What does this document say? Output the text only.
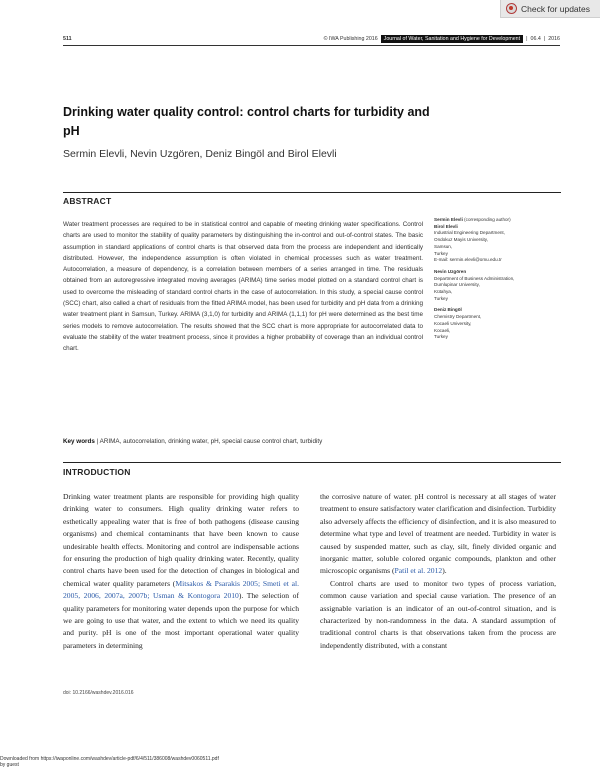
Check for updates
511	© IWA Publishing 2016	Journal of Water, Sanitation and Hygiene for Development	| 06.4 | 2016
Drinking water quality control: control charts for turbidity and pH
Sermin Elevli, Nevin Uzgören, Deniz Bingöl and Birol Elevli
ABSTRACT
Water treatment processes are required to be in statistical control and capable of meeting drinking water specifications. Control charts are used to monitor the stability of quality parameters by distinguishing the in-control and out-of-control states. The basic assumption in standard applications of control charts is that observed data from the process are independent and identically distributed. However, the independence assumption is often violated in chemical processes such as water treatment. Autocorrelation, a measure of dependency, is a correlation between members of a series arranged in time. The residuals obtained from an autoregressive integrated moving averages (ARIMA) time series model plotted on a standard control chart is used to overcome the misleading of standard control charts in the case of autocorrelation. In this study, a special cause control (SCC) chart, also called a chart of residuals from the fitted ARIMA model, has been used for turbidity and pH data from a drinking water treatment plant in Samsun, Turkey. ARIMA (3,1,0) for turbidity and ARIMA (1,1,1) for pH were determined as the best time series models to remove autocorrelation. The results showed that the SCC chart is more appropriate for autocorrelated data to evaluate the stability of the water treatment process, since it provides a higher probability of coverage than an individual control chart.
Key words | ARIMA, autocorrelation, drinking water, pH, special cause control chart, turbidity
Sermin Elevli (corresponding author)
Birol Elevli
Industrial Engineering Department,
Ondokuz Mayis University,
Samsun,
Turkey
E-mail: sermin.elevli@omu.edu.tr
Nevin Uzgören
Department of Business Administration,
Dumlupinar University,
Kütahya,
Turkey
Deniz Bingöl
Chemistry Department,
Kocaeli University,
Kocaeli,
Turkey
INTRODUCTION

Drinking water treatment plants are responsible for providing high quality drinking water to consumers. High quality drinking water refers to esthetically appealing water that is free of both pathogens (disease causing organisms) and chemical contaminants that have been known to cause undesirable health effects. Monitoring and control are indispensable actions for ensuring the production of high quality drinking water. Recently, quality control charts have been used for the detection of changes in biological and chemical water quality parameters (Mitsakos & Psarakis 2005; Smeti et al. 2005, 2006, 2007a, 2007b; Usman & Kontogora 2010). The selection of quality parameters for monitoring water depends upon the purpose for which we are going to use that water, and the extent to which we need its quality and purity. pH is one of the most important operational water quality parameters in determining

the corrosive nature of water. pH control is necessary at all stages of water treatment to ensure satisfactory water clarification and disinfection. Turbidity also adversely affects the efficiency of disinfection, and it is also measured to determine what type and level of treatment are needed. Turbidity in water is caused by suspended matter, such as clay, silt, finely divided organic and inorganic matter, soluble colored organic compounds, plankton and other microscopic organisms (Patil et al. 2012).

Control charts are used to monitor two types of process variation, common cause variation and special cause variation. The presence of an assignable variation is an indicator of an out-of-control situation, and is characterized by non-randomness in the data. A standard assumption of traditional control charts is that observations taken from the process are independently distributed, with a constant

doi: 10.2166/washdev.2016.016
Downloaded from https://iwaponline.com/washdev/article-pdf/6/4/511/386008/washdev0060511.pdf
by guest
